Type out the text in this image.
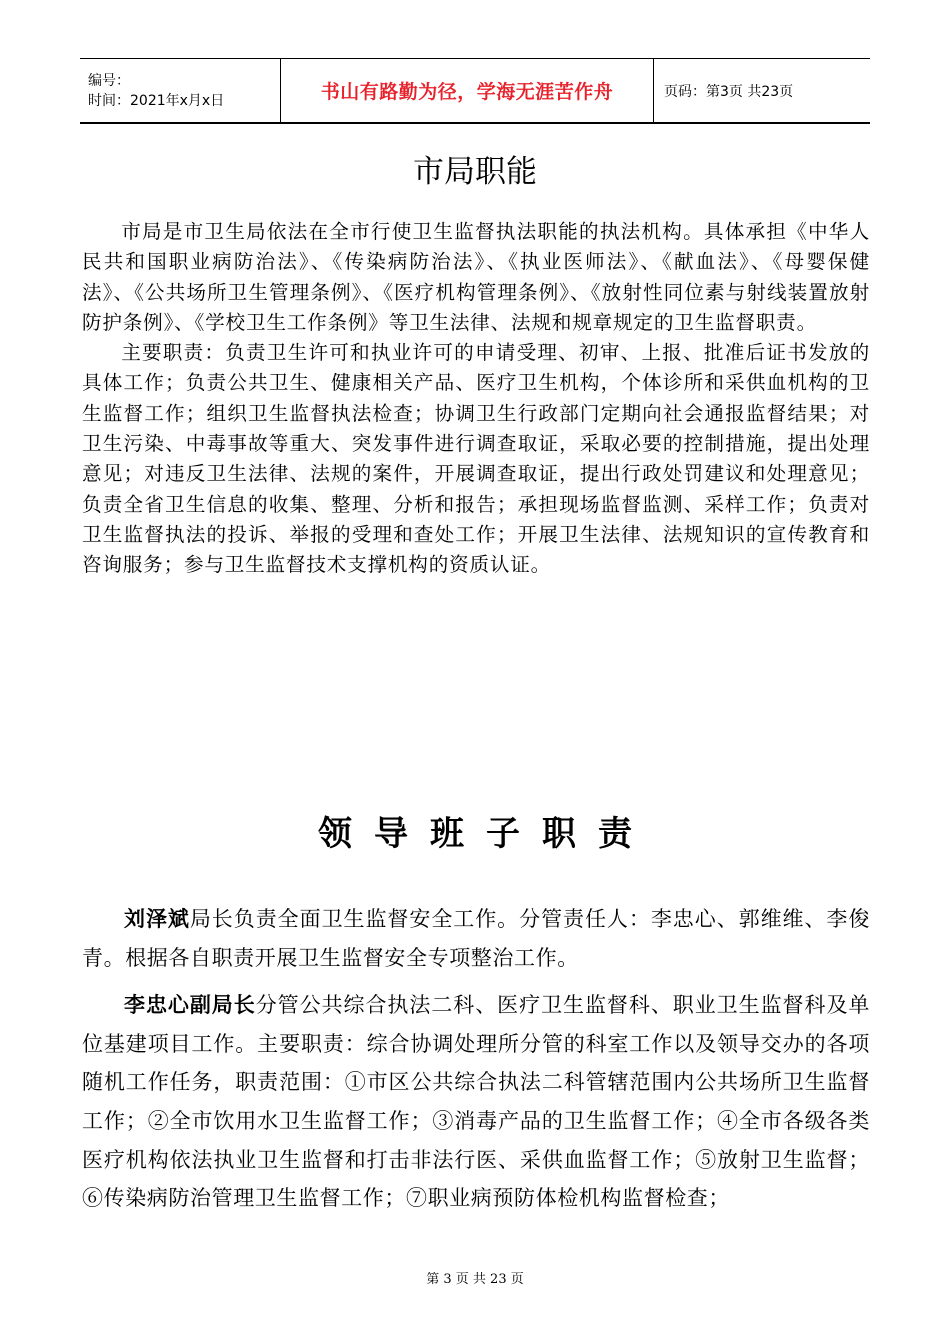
编号：
时间：2021年x月x日	书山有路勤为径，学海无涯苦作舟	页码：第3页 共23页
市局职能

市局是市卫生局依法在全市行使卫生监督执法职能的执法机构。具体承担《中华人民共和国职业病防治法》、《传染病防治法》、《执业医师法》、《献血法》、《母婴保健法》、《公共场所卫生管理条例》、《医疗机构管理条例》、《放射性同位素与射线装置放射防护条例》、《学校卫生工作条例》等卫生法律、法规和规章规定的卫生监督职责。

主要职责：负责卫生许可和执业许可的申请受理、初审、上报、批准后证书发放的具体工作；负责公共卫生、健康相关产品、医疗卫生机构，个体诊所和采供血机构的卫生监督工作；组织卫生监督执法检查；协调卫生行政部门定期向社会通报监督结果；对卫生污染、中毒事故等重大、突发事件进行调查取证，采取必要的控制措施，提出处理意见；对违反卫生法律、法规的案件，开展调查取证，提出行政处罚建议和处理意见；负责全省卫生信息的收集、整理、分析和报告；承担现场监督监测、采样工作；负责对卫生监督执法的投诉、举报的受理和查处工作；开展卫生法律、法规知识的宣传教育和咨询服务；参与卫生监督技术支撑机构的资质认证。

领导班子职责

刘泽斌局长负责全面卫生监督安全工作。分管责任人：李忠心、郭维维、李俊青。根据各自职责开展卫生监督安全专项整治工作。

李忠心副局长分管公共综合执法二科、医疗卫生监督科、职业卫生监督科及单位基建项目工作。主要职责：综合协调处理所分管的科室工作以及领导交办的各项随机工作任务，职责范围：①市区公共综合执法二科管辖范围内公共场所卫生监督工作；②全市饮用水卫生监督工作；③消毒产品的卫生监督工作；④全市各级各类医疗机构依法执业卫生监督和打击非法行医、采供血监督工作；⑤放射卫生监督；⑥传染病防治管理卫生监督工作；⑦职业病预防体检机构监督检查；

第 3 页 共 23 页
